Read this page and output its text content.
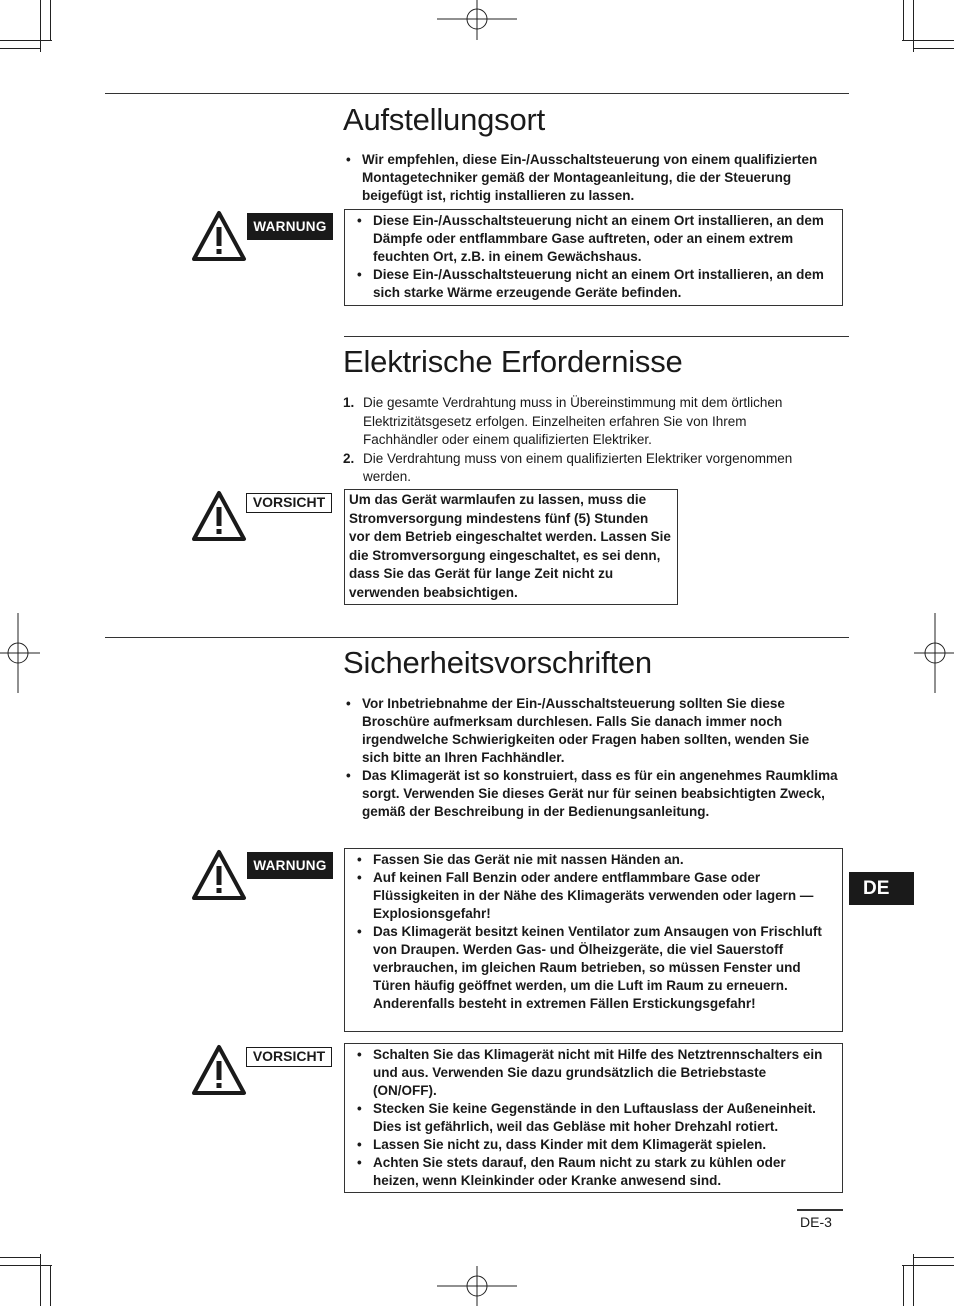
Aufstellungsort
• Wir empfehlen, diese Ein-/Ausschaltsteuerung von einem qualifizierten Montagetechniker gemäß der Montageanleitung, die der Steuerung beigefügt ist, richtig installieren zu lassen.
WARNUNG	• Diese Ein-/Ausschaltsteuerung nicht an einem Ort installieren, an dem Dämpfe oder entflammbare Gase auftreten, oder an einem extrem feuchten Ort, z.B. in einem Gewächshaus.
• Diese Ein-/Ausschaltsteuerung nicht an einem Ort installieren, an dem sich starke Wärme erzeugende Geräte befinden.
Elektrische Erfordernisse
1. Die gesamte Verdrahtung muss in Übereinstimmung mit dem örtlichen Elektrizitätsgesetz erfolgen. Einzelheiten erfahren Sie von Ihrem Fachhändler oder einem qualifizierten Elektriker.
2. Die Verdrahtung muss von einem qualifizierten Elektriker vorgenommen werden.
VORSICHT	Um das Gerät warmlaufen zu lassen, muss die Stromversorgung mindestens fünf (5) Stunden vor dem Betrieb eingeschaltet werden. Lassen Sie die Stromversorgung eingeschaltet, es sei denn, dass Sie das Gerät für lange Zeit nicht zu verwenden beabsichtigen.
Sicherheitsvorschriften
• Vor Inbetriebnahme der Ein-/Ausschaltsteuerung sollten Sie diese Broschüre aufmerksam durchlesen. Falls Sie danach immer noch irgendwelche Schwierigkeiten oder Fragen haben sollten, wenden Sie sich bitte an Ihren Fachhändler.
• Das Klimagerät ist so konstruiert, dass es für ein angenehmes Raumklima sorgt. Verwenden Sie dieses Gerät nur für seinen beabsichtigten Zweck, gemäß der Beschreibung in der Bedienungsanleitung.
WARNUNG	• Fassen Sie das Gerät nie mit nassen Händen an.
• Auf keinen Fall Benzin oder andere entflammbare Gase oder Flüssigkeiten in der Nähe des Klimageräts verwenden oder lagern — Explosionsgefahr!
• Das Klimagerät besitzt keinen Ventilator zum Ansaugen von Frischluft von Draupen. Werden Gas- und Ölheizgeräte, die viel Sauerstoff verbrauchen, im gleichen Raum betrieben, so müssen Fenster und Türen häufig geöffnet werden, um die Luft im Raum zu erneuern. Anderenfalls besteht in extremen Fällen Erstickungsgefahr!
VORSICHT	• Schalten Sie das Klimagerät nicht mit Hilfe des Netztrennschalters ein und aus. Verwenden Sie dazu grundsätzlich die Betriebstaste (ON/OFF).
• Stecken Sie keine Gegenstände in den Luftauslass der Außeneinheit. Dies ist gefährlich, weil das Gebläse mit hoher Drehzahl rotiert.
• Lassen Sie nicht zu, dass Kinder mit dem Klimagerät spielen.
• Achten Sie stets darauf, den Raum nicht zu stark zu kühlen oder heizen, wenn Kleinkinder oder Kranke anwesend sind.
DE
DE-3
